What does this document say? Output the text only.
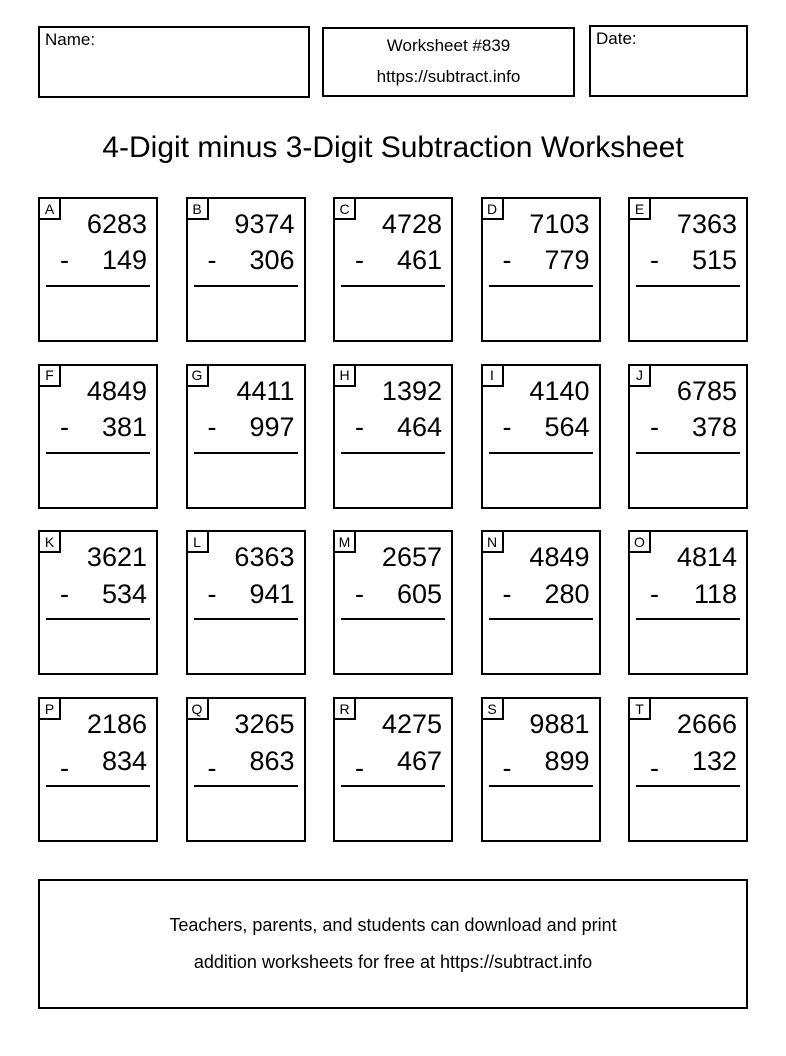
Name:	Worksheet #839
https://subtract.info
Date:
4-Digit minus 3-Digit Subtraction Worksheet
A
6283
- 149
B
9374
- 306
C
4728
- 461
D
7103
- 779
E
7363
- 515
F
4849
- 381
G
4411
- 997
H
1392
- 464
I
4140
- 564
J
6785
- 378
K
3621
- 534
L
6363
- 941
M
2657
- 605
N
4849
- 280
O
4814
- 118
P
2186
- 834
Q
3265
- 863
R
4275
- 467
S
9881
- 899
T
2666
- 132
Teachers, parents, and students can download and print
addition worksheets for free at https://subtract.info
